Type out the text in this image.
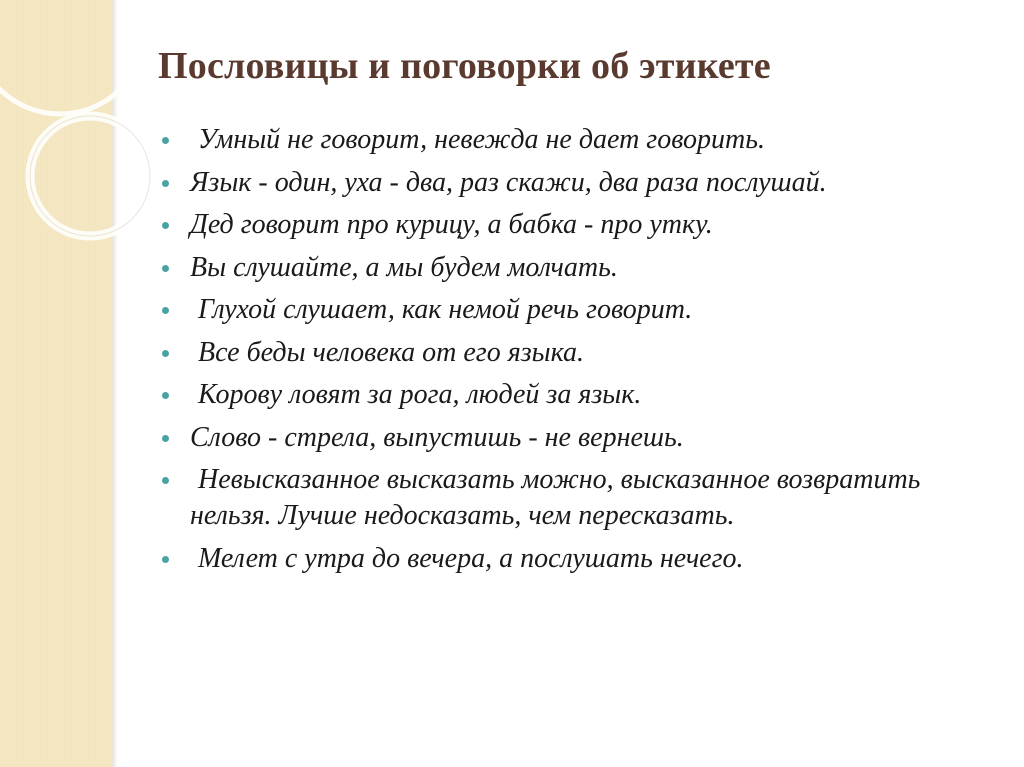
Пословицы и поговорки об этикете
Умный не говорит, невежда не дает говорить.
Язык - один, уха - два, раз скажи, два раза послушай.
Дед говорит про курицу, а бабка - про утку.
Вы слушайте, а мы будем молчать.
Глухой слушает, как немой речь говорит.
Все беды человека от его языка.
Корову ловят за рога, людей за язык.
Слово - стрела, выпустишь - не вернешь.
Невысказанное высказать можно, высказанное возвратить нельзя. Лучше недосказать, чем пересказать.
Мелет с утра до вечера, а послушать нечего.
